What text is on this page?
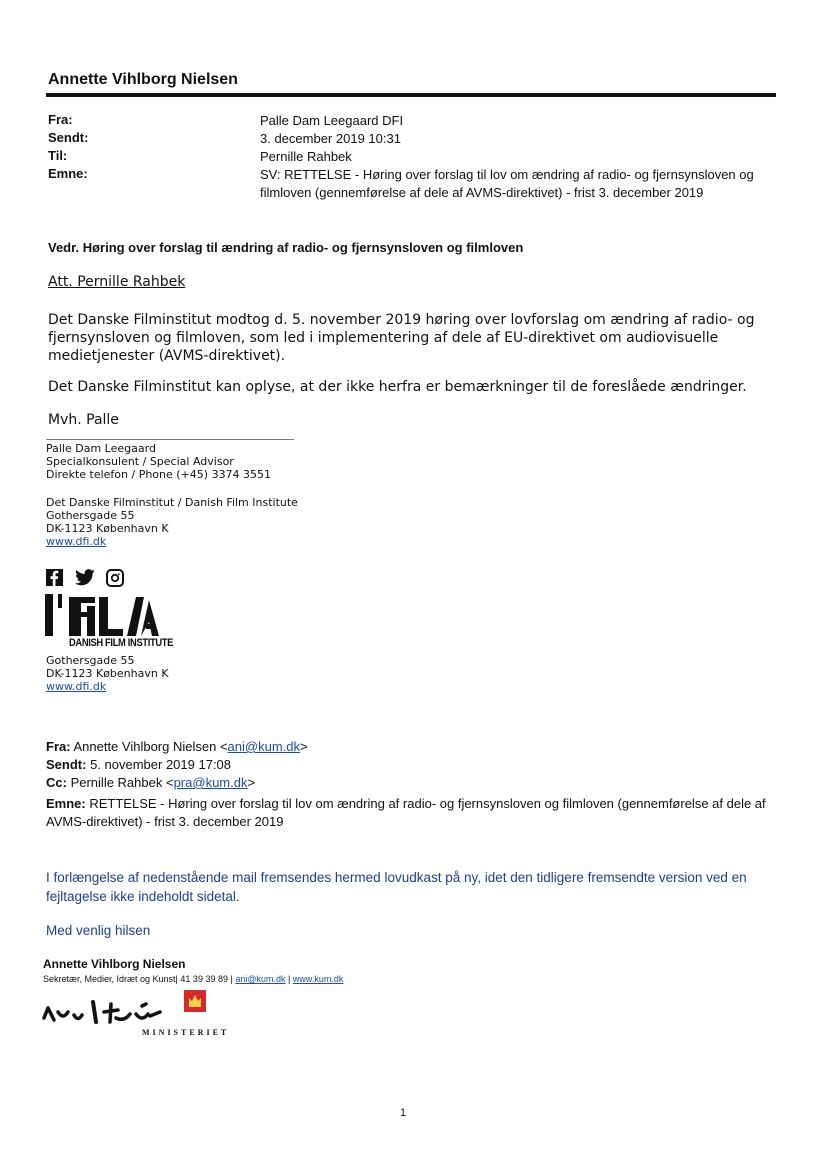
Annette Vihlborg Nielsen
Fra:	Palle Dam Leegaard DFI
Sendt:	3. december 2019 10:31
Til:	Pernille Rahbek
Emne:	SV: RETTELSE - Høring over forslag til lov om ændring af radio- og fjernsynsloven og filmloven (gennemførelse af dele af AVMS-direktivet) - frist 3. december 2019
Vedr. Høring over forslag til ændring af radio- og fjernsynsloven og filmloven
Att. Pernille Rahbek
Det Danske Filminstitut modtog d. 5. november 2019 høring over lovforslag om ændring af radio- og fjernsynsloven og filmloven, som led i implementering af dele af EU-direktivet om audiovisuelle medietjenester (AVMS-direktivet).
Det Danske Filminstitut kan oplyse, at der ikke herfra er bemærkninger til de foreslåede ændringer.
Mvh. Palle
Palle Dam Leegaard
Specialkonsulent / Special Advisor
Direkte telefon / Phone (+45) 3374 3551
Det Danske Filminstitut / Danish Film Institute
Gothersgade 55
DK-1123 København K
www.dfi.dk
DANISH FILM INSTITUTE
Gothersgade 55
DK-1123 København K
www.dfi.dk
Fra: Annette Vihlborg Nielsen <ani@kum.dk>
Sendt: 5. november 2019 17:08
Cc: Pernille Rahbek <pra@kum.dk>
Emne: RETTELSE - Høring over forslag til lov om ændring af radio- og fjernsynsloven og filmloven (gennemførelse af dele af AVMS-direktivet) - frist 3. december 2019
I forlængelse af nedenstående mail fremsendes hermed lovudkast på ny, idet den tidligere fremsendte version ved en fejltagelse ikke indeholdt sidetal.
Med venlig hilsen
Annette Vihlborg Nielsen
Sekretær, Medier, Idræt og Kunst| 41 39 39 89 | ani@kum.dk | www.kum.dk
MINISTERIET
1
